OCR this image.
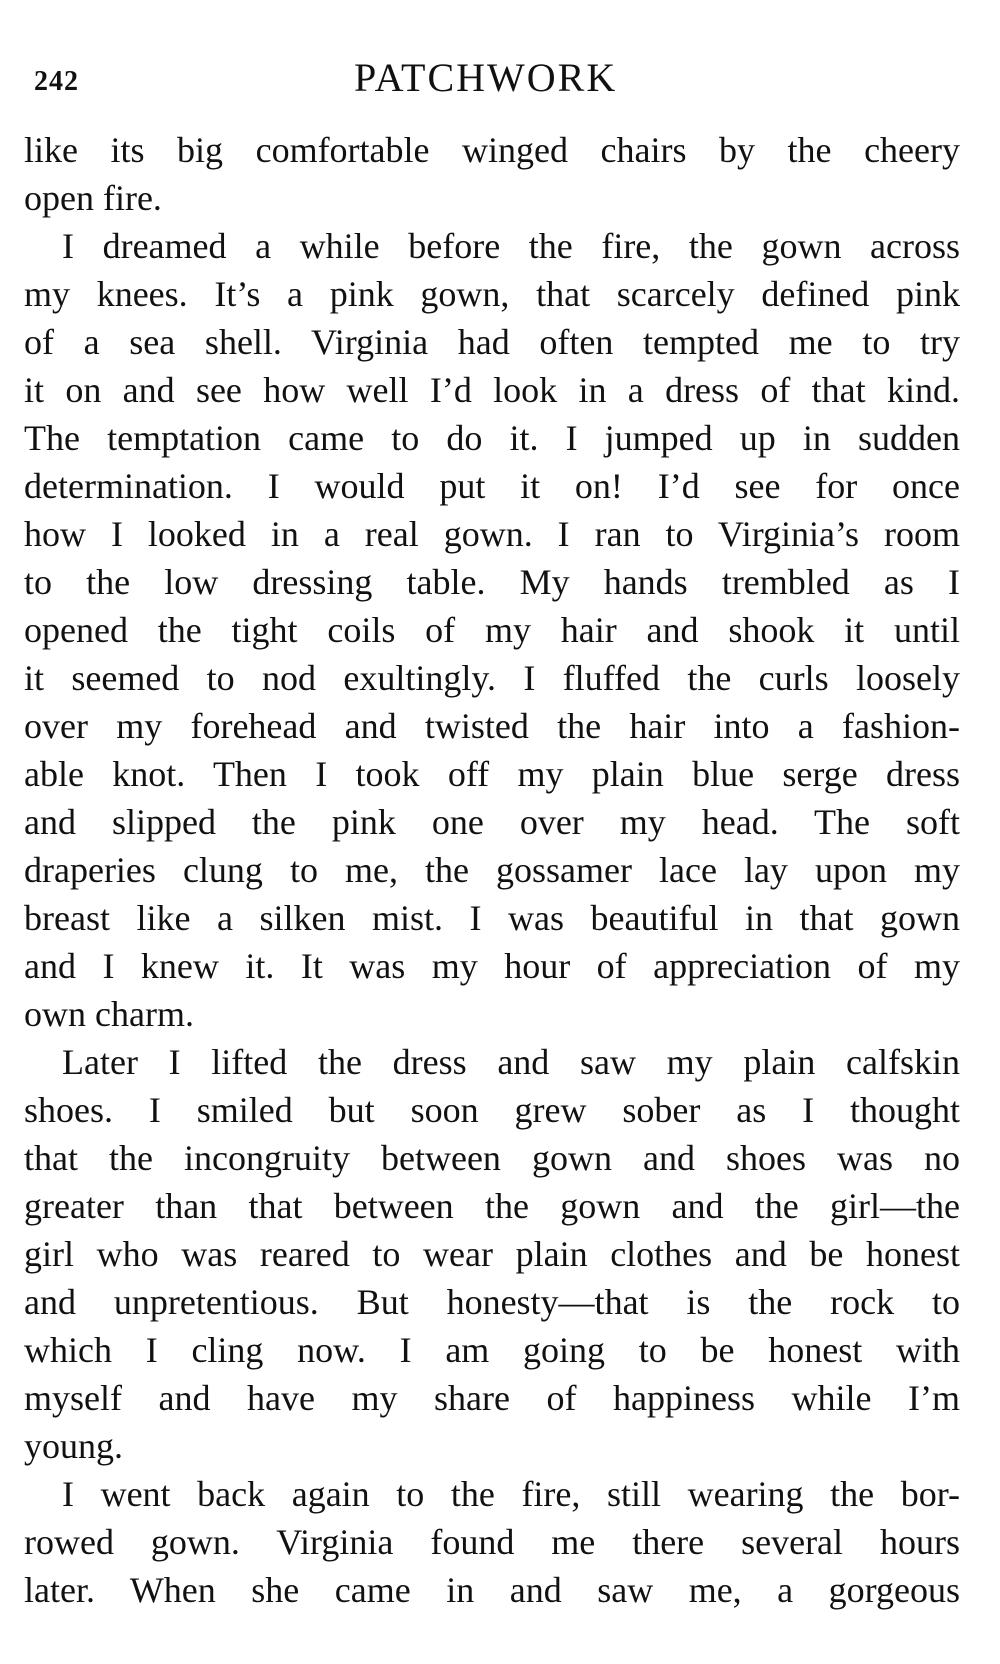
242	PATCHWORK
like its big comfortable winged chairs by the cheery
open fire.
I dreamed a while before the fire, the gown across
my knees. It’s a pink gown, that scarcely defined pink
of a sea shell. Virginia had often tempted me to try
it on and see how well I’d look in a dress of that kind.
The temptation came to do it. I jumped up in sudden
determination. I would put it on! I’d see for once
how I looked in a real gown. I ran to Virginia’s room
to the low dressing table. My hands trembled as I
opened the tight coils of my hair and shook it until
it seemed to nod exultingly. I fluffed the curls loosely
over my forehead and twisted the hair into a fashion-
able knot. Then I took off my plain blue serge dress
and slipped the pink one over my head. The soft
draperies clung to me, the gossamer lace lay upon my
breast like a silken mist. I was beautiful in that gown
and I knew it. It was my hour of appreciation of my
own charm.
Later I lifted the dress and saw my plain calfskin
shoes. I smiled but soon grew sober as I thought
that the incongruity between gown and shoes was no
greater than that between the gown and the girl—the
girl who was reared to wear plain clothes and be honest
and unpretentious. But honesty—that is the rock to
which I cling now. I am going to be honest with
myself and have my share of happiness while I’m
young.
I went back again to the fire, still wearing the bor-
rowed gown. Virginia found me there several hours
later. When she came in and saw me, a gorgeous
